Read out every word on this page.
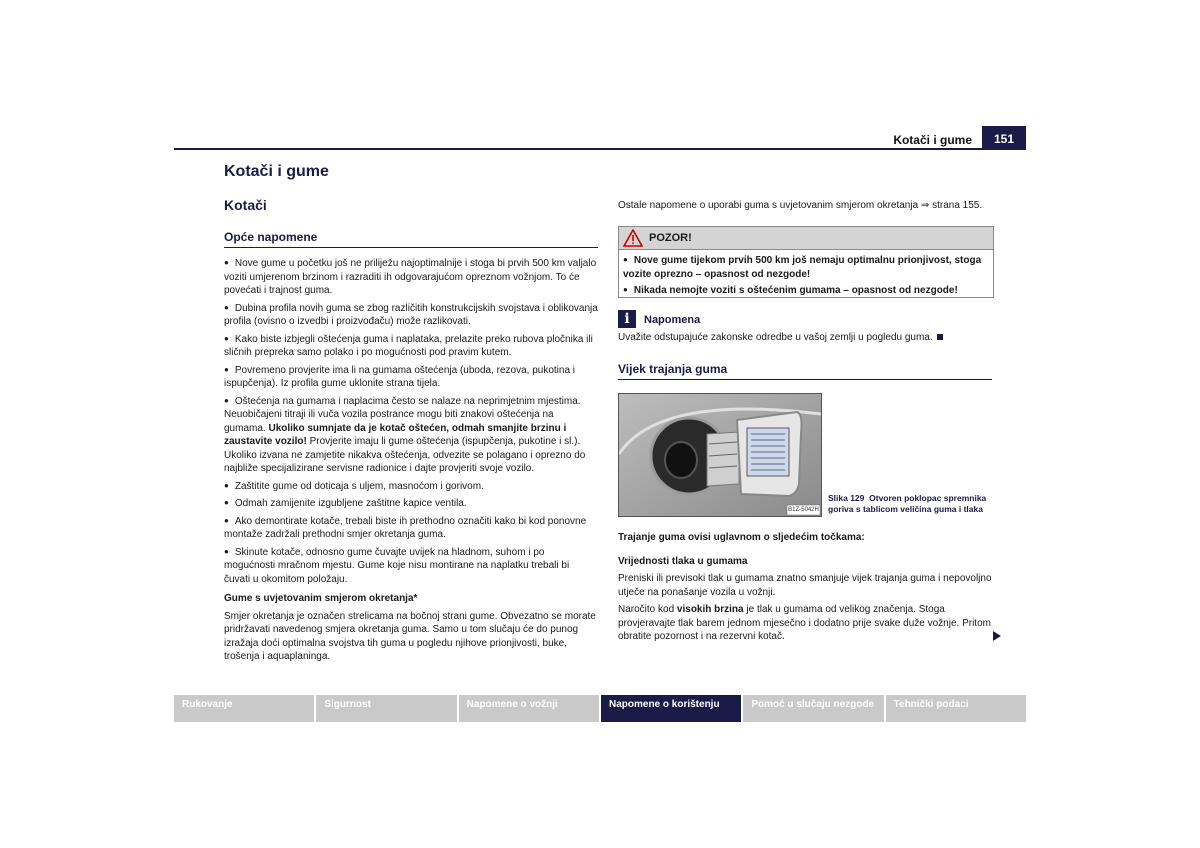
Kotači i gume	151
Kotači i gume
Kotači
Opće napomene

● Nove gume u početku još ne priliježu najoptimalnije i stoga bi prvih 500 km valjalo voziti umjerenom brzinom i razraditi ih odgovarajućom opreznom vožnjom. To će povećati i trajnost guma.

● Dubina profila novih guma se zbog različitih konstrukcijskih svojstava i oblikovanja profila (ovisno o izvedbi i proizvođaču) može razlikovati.

● Kako biste izbjegli oštećenja guma i naplataka, prelazite preko rubova pločnika ili sličnih prepreka samo polako i po mogućnosti pod pravim kutem.

● Povremeno provjerite ima li na gumama oštećenja (uboda, rezova, pukotina i ispupčenja). Iz profila gume uklonite strana tijela.

● Oštećenja na gumama i naplacima često se nalaze na neprimjetnim mjestima. Neuobičajeni titraji ili vuča vozila postrance mogu biti znakovi oštećenja na gumama. Ukoliko sumnjate da je kotač oštećen, odmah smanjite brzinu i zaustavite vozilo! Provjerite imaju li gume oštećenja (ispupčenja, pukotine i sl.). Ukoliko izvana ne zamjetite nikakva oštećenja, odvezite se polagano i oprezno do najbliže specijalizirane servisne radionice i dajte provjeriti svoje vozilo.

● Zaštitite gume od doticaja s uljem, masnoćom i gorivom.

● Odmah zamijenite izgubljene zaštitne kapice ventila.

● Ako demontirate kotače, trebali biste ih prethodno označiti kako bi kod ponovne montaže zadržali prethodni smjer okretanja guma.

● Skinute kotače, odnosno gume čuvajte uvijek na hladnom, suhom i po mogućnosti mračnom mjestu. Gume koje nisu montirane na naplatku trebali bi čuvati u okomitom položaju.

Gume s uvjetovanim smjerom okretanja*

Smjer okretanja je označen strelicama na bočnoj strani gume. Obvezatno se morate pridržavati navedenog smjera okretanja guma. Samo u tom slučaju će do punog izražaja doći optimalna svojstva tih guma u pogledu njihove prionjivosti, buke, trošenja i aquaplaninga.

Ostale napomene o uporabi guma s uvjetovanim smjerom okretanja ⇒ strana 155.
POZOR!

● Nove gume tijekom prvih 500 km još nemaju optimalnu prionjivost, stoga vozite oprezno – opasnost od nezgode!

● Nikada nemojte voziti s oštećenim gumama – opasnost od nezgode!

i	Napomena
Uvažite odstupajuće zakonske odredbe u vašoj zemlji u pogledu guma.
Vijek trajanja guma
B1Z-5042H
Slika 129 Otvoren poklopac spremnika goriva s tablicom veličina guma i tlaka

Trajanje guma ovisi uglavnom o sljedećim točkama:

Vrijednosti tlaka u gumama

Preniski ili previsoki tlak u gumama znatno smanjuje vijek trajanja guma i nepovoljno utječe na ponašanje vozila u vožnji.

Naročito kod visokih brzina je tlak u gumama od velikog značenja. Stoga provjeravajte tlak barem jednom mjesečno i dodatno prije svake duže vožnje. Pritom obratite pozornost i na rezervni kotač.

Rukovanje	Sigurnost	Napomene o vožnji	Napomene o korištenju	Pomoć u slučaju nezgode	Tehnički podaci
